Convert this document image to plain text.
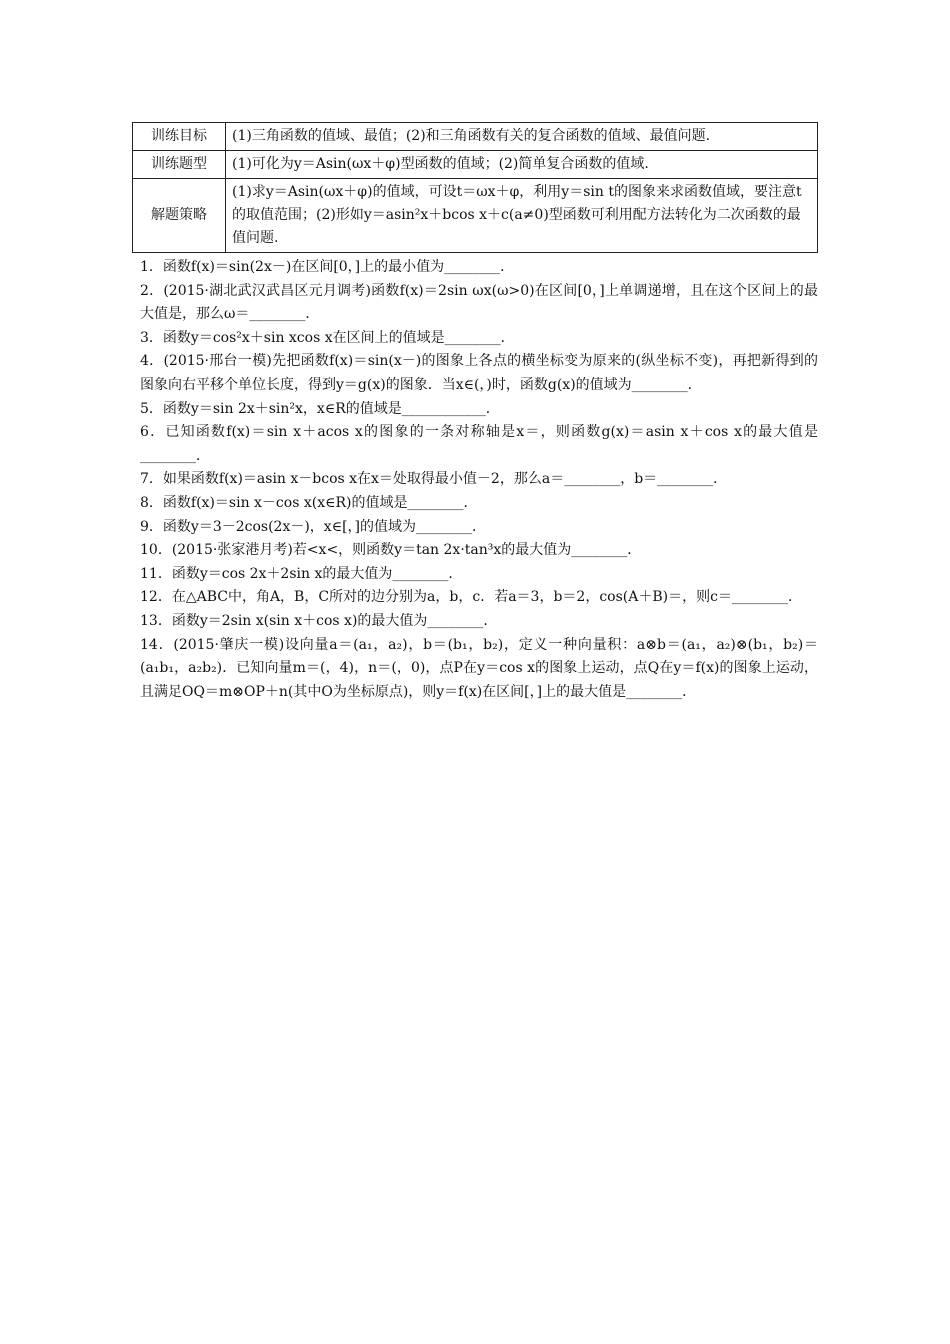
训练目标	(1)三角函数的值域、最值；(2)和三角函数有关的复合函数的值域、最值问题.
训练题型	(1)可化为y＝Asin(ωx＋φ)型函数的值域；(2)简单复合函数的值域.
解题策略	(1)求y＝Asin(ωx＋φ)的值域，可设t＝ωx＋φ，利用y＝sin t的图象来求函数值域，要注意t的取值范围；(2)形如y＝asin²x＋bcos x＋c(a≠0)型函数可利用配方法转化为二次函数的最值问题.

1．函数f(x)＝sin(2x－)在区间[0，]上的最小值为________．

2．(2015·湖北武汉武昌区元月调考)函数f(x)＝2sin ωx(ω>0)在区间[0，]上单调递增，且在这个区间上的最大值是，那么ω＝________．

3．函数y＝cos²x＋sin xcos x在区间上的值域是________．

4．(2015·邢台一模)先把函数f(x)＝sin(x－)的图象上各点的横坐标变为原来的(纵坐标不变)，再把新得到的图象向右平移个单位长度，得到y＝g(x)的图象．当x∈(，)时，函数g(x)的值域为________．

5．函数y＝sin 2x＋sin²x，x∈R的值域是____________．

6．已知函数f(x)＝sin x＋acos x的图象的一条对称轴是x＝，则函数g(x)＝asin x＋cos x的最大值是________．

7．如果函数f(x)＝asin x－bcos x在x＝处取得最小值－2，那么a＝________，b＝________．

8．函数f(x)＝sin x－cos x(x∈R)的值域是________．

9．函数y＝3－2cos(2x－)，x∈[，]的值域为________．

10．(2015·张家港月考)若<x<，则函数y＝tan 2x·tan³x的最大值为________．

11．函数y＝cos 2x＋2sin x的最大值为________．

12．在△ABC中，角A，B，C所对的边分别为a，b，c．若a＝3，b＝2，cos(A＋B)＝，则c＝________．

13．函数y＝2sin x(sin x＋cos x)的最大值为________．

14．(2015·肇庆一模)设向量a＝(a₁，a₂)，b＝(b₁，b₂)，定义一种向量积：a⊗b＝(a₁，a₂)⊗(b₁，b₂)＝(a₁b₁，a₂b₂)．已知向量m＝(，4)，n＝(，0)，点P在y＝cos x的图象上运动，点Q在y＝f(x)的图象上运动，且满足OQ＝m⊗OP＋n(其中O为坐标原点)，则y＝f(x)在区间[，]上的最大值是________．
